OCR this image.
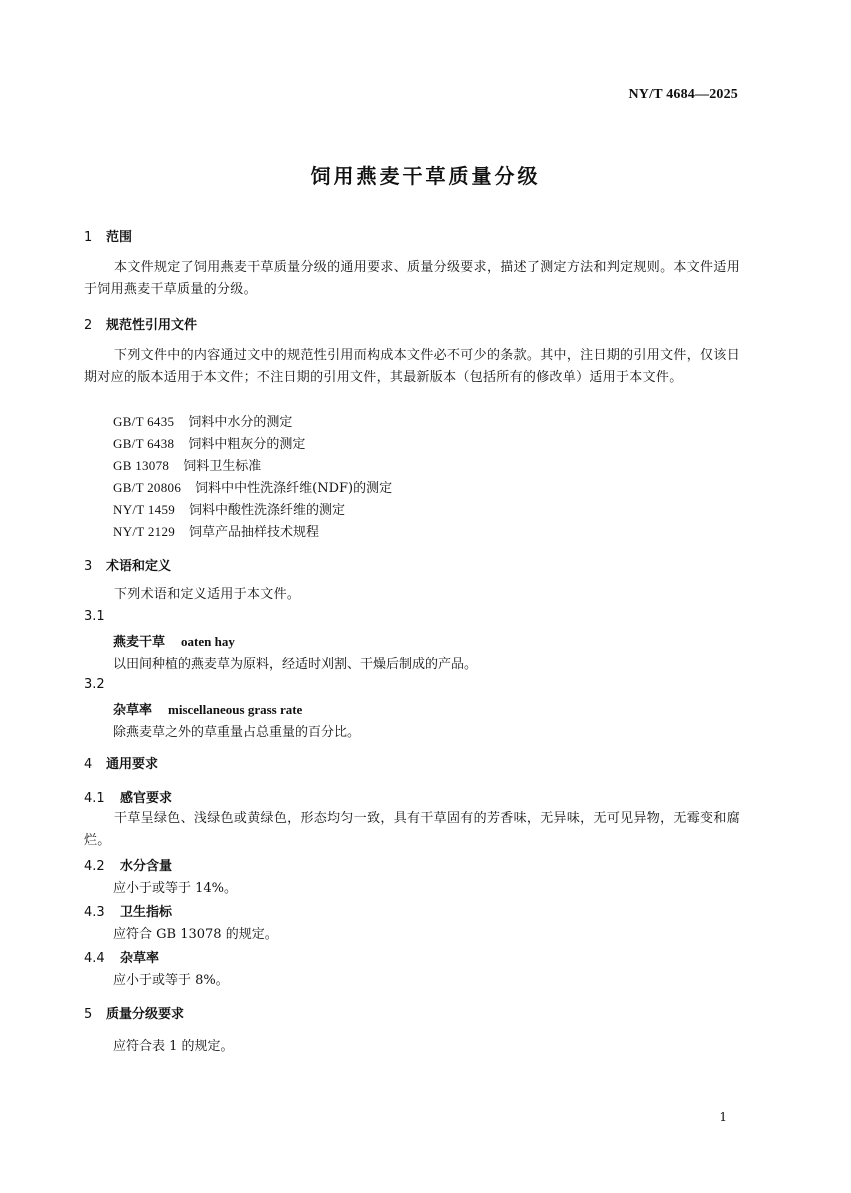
NY/T 4684—2025
饲用燕麦干草质量分级
1 范围
本文件规定了饲用燕麦干草质量分级的通用要求、质量分级要求，描述了测定方法和判定规则。本文件适用于饲用燕麦干草质量的分级。
2 规范性引用文件
下列文件中的内容通过文中的规范性引用而构成本文件必不可少的条款。其中，注日期的引用文件，仅该日期对应的版本适用于本文件；不注日期的引用文件，其最新版本（包括所有的修改单）适用于本文件。
GB/T 6435 饲料中水分的测定
GB/T 6438 饲料中粗灰分的测定
GB 13078 饲料卫生标准
GB/T 20806 饲料中中性洗涤纤维(NDF)的测定
NY/T 1459 饲料中酸性洗涤纤维的测定
NY/T 2129 饲草产品抽样技术规程
3 术语和定义
下列术语和定义适用于本文件。
3.1
燕麦干草 oaten hay
以田间种植的燕麦草为原料，经适时刈割、干燥后制成的产品。
3.2
杂草率 miscellaneous grass rate
除燕麦草之外的草重量占总重量的百分比。
4 通用要求
4.1 感官要求
干草呈绿色、浅绿色或黄绿色，形态均匀一致，具有干草固有的芳香味，无异味，无可见异物，无霉变和腐烂。
4.2 水分含量
应小于或等于 14%。
4.3 卫生指标
应符合 GB 13078 的规定。
4.4 杂草率
应小于或等于 8%。
5 质量分级要求
应符合表 1 的规定。
1
